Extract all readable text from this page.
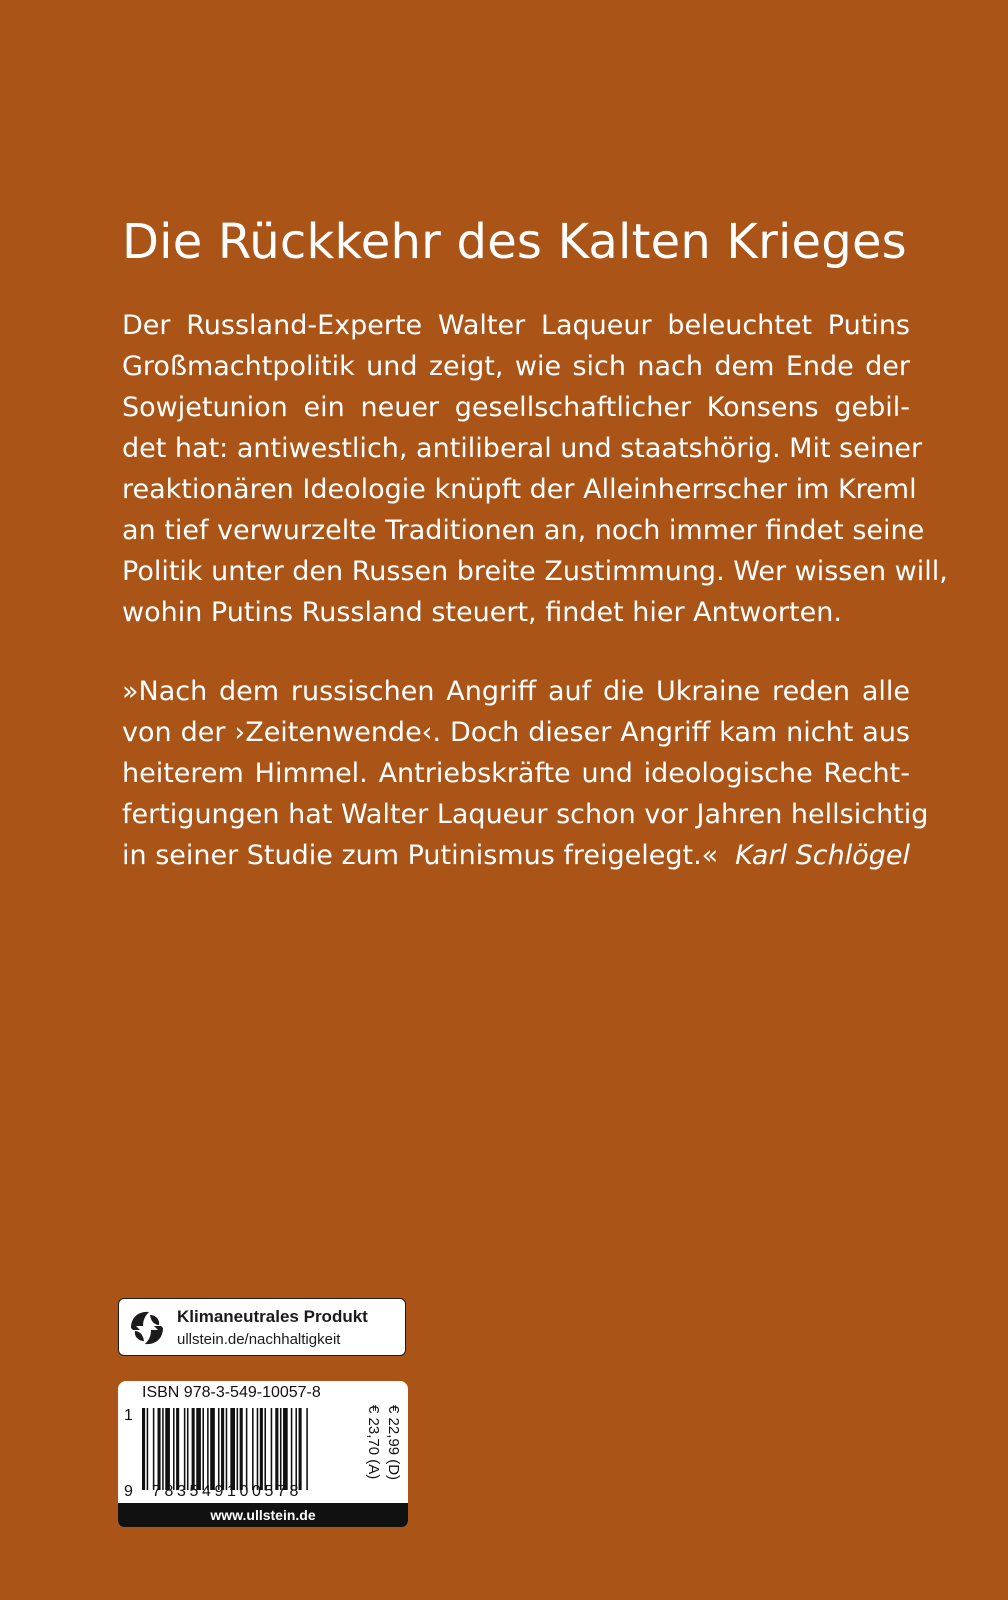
Die Rückkehr des Kalten Krieges
Der Russland-Experte Walter Laqueur beleuchtet Putins
Großmachtpolitik und zeigt, wie sich nach dem Ende der
Sowjetunion ein neuer gesellschaftlicher Konsens gebil-
det hat: antiwestlich, antiliberal und staatshörig. Mit seiner
reaktionären Ideologie knüpft der Alleinherrscher im Kreml
an tief verwurzelte Traditionen an, noch immer findet seine
Politik unter den Russen breite Zustimmung. Wer wissen will,
wohin Putins Russland steuert, findet hier Antworten.
»Nach dem russischen Angriff auf die Ukraine reden alle
von der ›Zeitenwende‹. Doch dieser Angriff kam nicht aus
heiterem Himmel. Antriebskräfte und ideologische Recht-
fertigungen hat Walter Laqueur schon vor Jahren hellsichtig
in seiner Studie zum Putinismus freigelegt.« Karl Schlögel
Klimaneutrales Produkt
ullstein.de/nachhaltigkeit
ISBN 978-3-549-10057-8
1
9 783549100578
€ 22,99 (D)
€ 23,70 (A)
www.ullstein.de
